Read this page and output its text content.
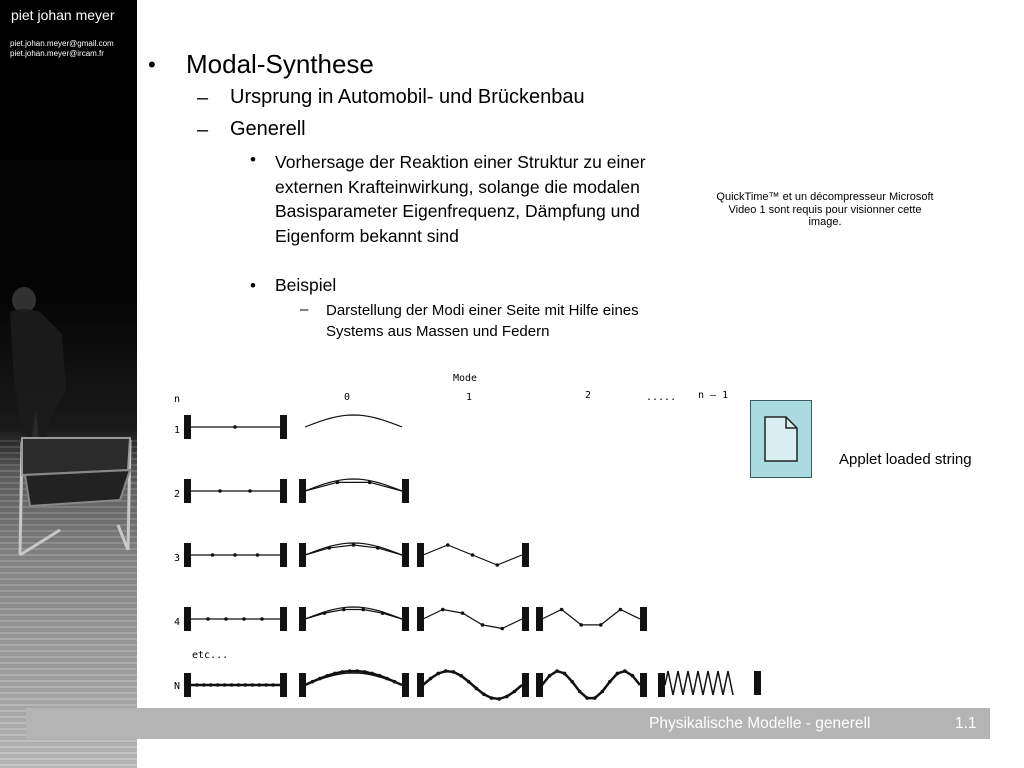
piet johan meyer
piet.johan.meyer@gmail.com
piet.johan.meyer@ircam.fr • Modal-Synthese
– Ursprung in Automobil- und Brückenbau
– Generell
• Vorhersage der Reaktion einer Struktur zu einer externen Krafteinwirkung, solange die modalen Basisparameter Eigenfrequenz, Dämpfung und Eigenform bekannt sind
• Beispiel
– Darstellung der Modi einer Seite mit Hilfe eines Systems aus Massen und Federn
QuickTime™ et un décompresseur Microsoft Video 1 sont requis pour visionner cette image.
Applet loaded string
Mode
n	0	1	2	..... n – 1
1
2
3
4
etc...
N
Physikalische Modelle - generell	1.1
